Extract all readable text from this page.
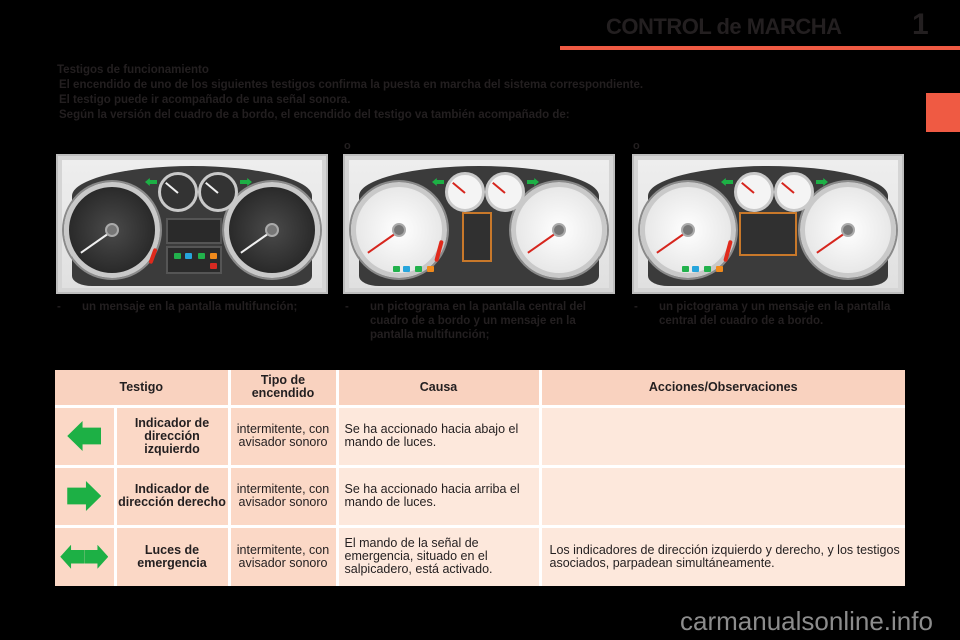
CONTROL de MARCHA 1
Testigos de funcionamiento
El encendido de uno de los siguientes testigos confirma la puesta en marcha del sistema correspondiente.
El testigo puede ir acompañado de una señal sonora.
Según la versión del cuadro de a bordo, el encendido del testigo va también acompañado de:
o	o
- un mensaje en la pantalla multifunción;	- un pictograma en la pantalla central del cuadro de a bordo y un mensaje en la pantalla multifunción;
- un pictograma y un mensaje en la pantalla central del cuadro de a bordo.
Testigo		Tipo de encendido	Causa	Acciones/Observaciones
	Indicador de dirección izquierdo	intermitente, con avisador sonoro	Se ha accionado hacia abajo el mando de luces.	
	Indicador de dirección derecho	intermitente, con avisador sonoro	Se ha accionado hacia arriba el mando de luces.	
	Luces de emergencia	intermitente, con avisador sonoro	El mando de la señal de emergencia, situado en el salpicadero, está activado.	Los indicadores de dirección izquierdo y derecho, y los testigos asociados, parpadean simultáneamente.
carmanualsonline.info
